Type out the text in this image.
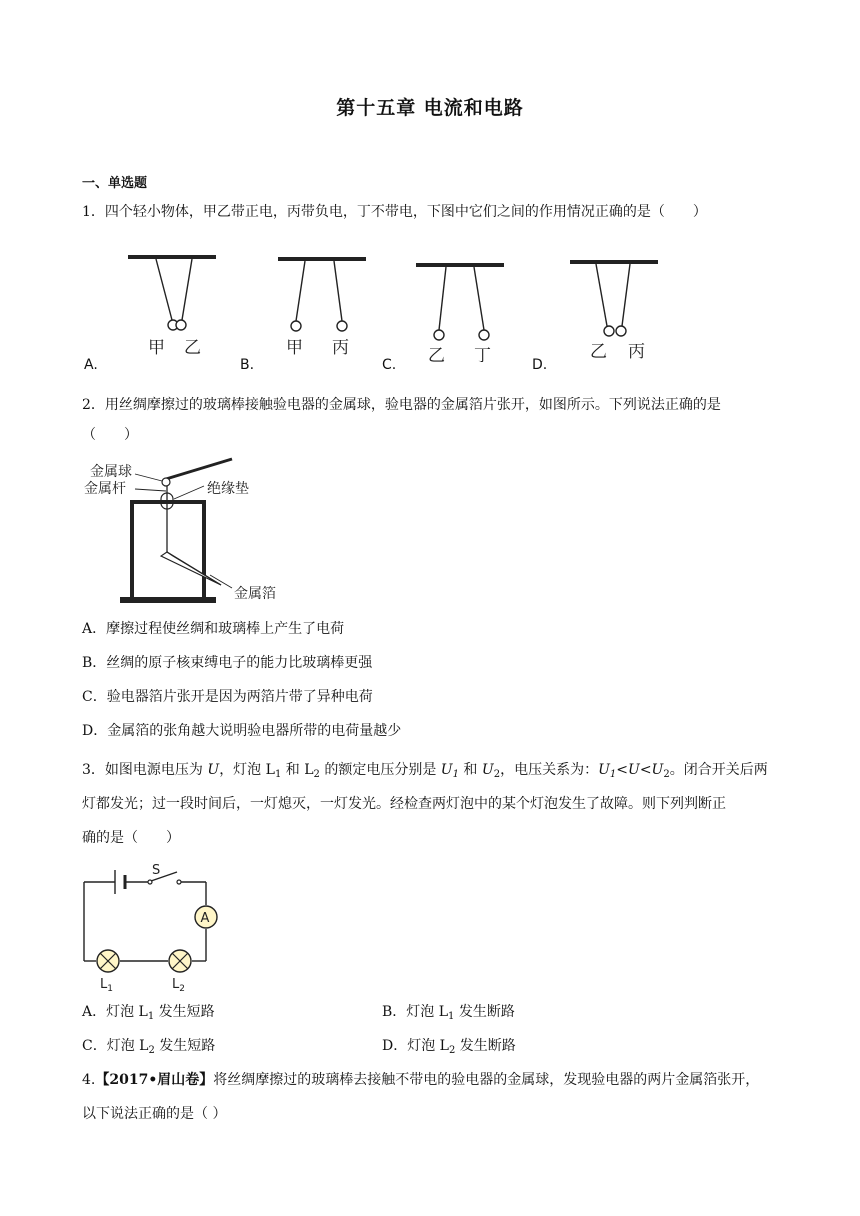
第十五章 电流和电路
一、单选题
1．四个轻小物体，甲乙带正电，丙带负电，丁不带电，下图中它们之间的作用情况正确的是（　　）
A.
甲 乙
B.
甲 丙
C. 乙 丁	D.
乙 丙
2．用丝绸摩擦过的玻璃棒接触验电器的金属球，验电器的金属箔片张开，如图所示。下列说法正确的是
（　　）
金属球
金属杆	绝缘垫
金属箔
A．摩擦过程使丝绸和玻璃棒上产生了电荷
B．丝绸的原子核束缚电子的能力比玻璃棒更强
C．验电器箔片张开是因为两箔片带了异种电荷
D．金属箔的张角越大说明验电器所带的电荷量越少
3．如图电源电压为 U，灯泡 $L_1$ 和 $L_2$ 的额定电压分别是 $U_1$ 和 $U_2$，电压关系为：$U_1<U<U_2$。闭合开关后两
灯都发光；过一段时间后，一灯熄灭，一灯发光。经检查两灯泡中的某个灯泡发生了故障。则下列判断正
确的是（　　）
S
A
$L_1$	$L_2$
A．灯泡 $L_1$ 发生短路	B．灯泡 $L_1$ 发生断路
C．灯泡 $L_2$ 发生短路	D．灯泡 $L_2$ 发生断路
4.【2017•眉山卷】将丝绸摩擦过的玻璃棒去接触不带电的验电器的金属球，发现验电器的两片金属箔张开，
以下说法正确的是（ ）
